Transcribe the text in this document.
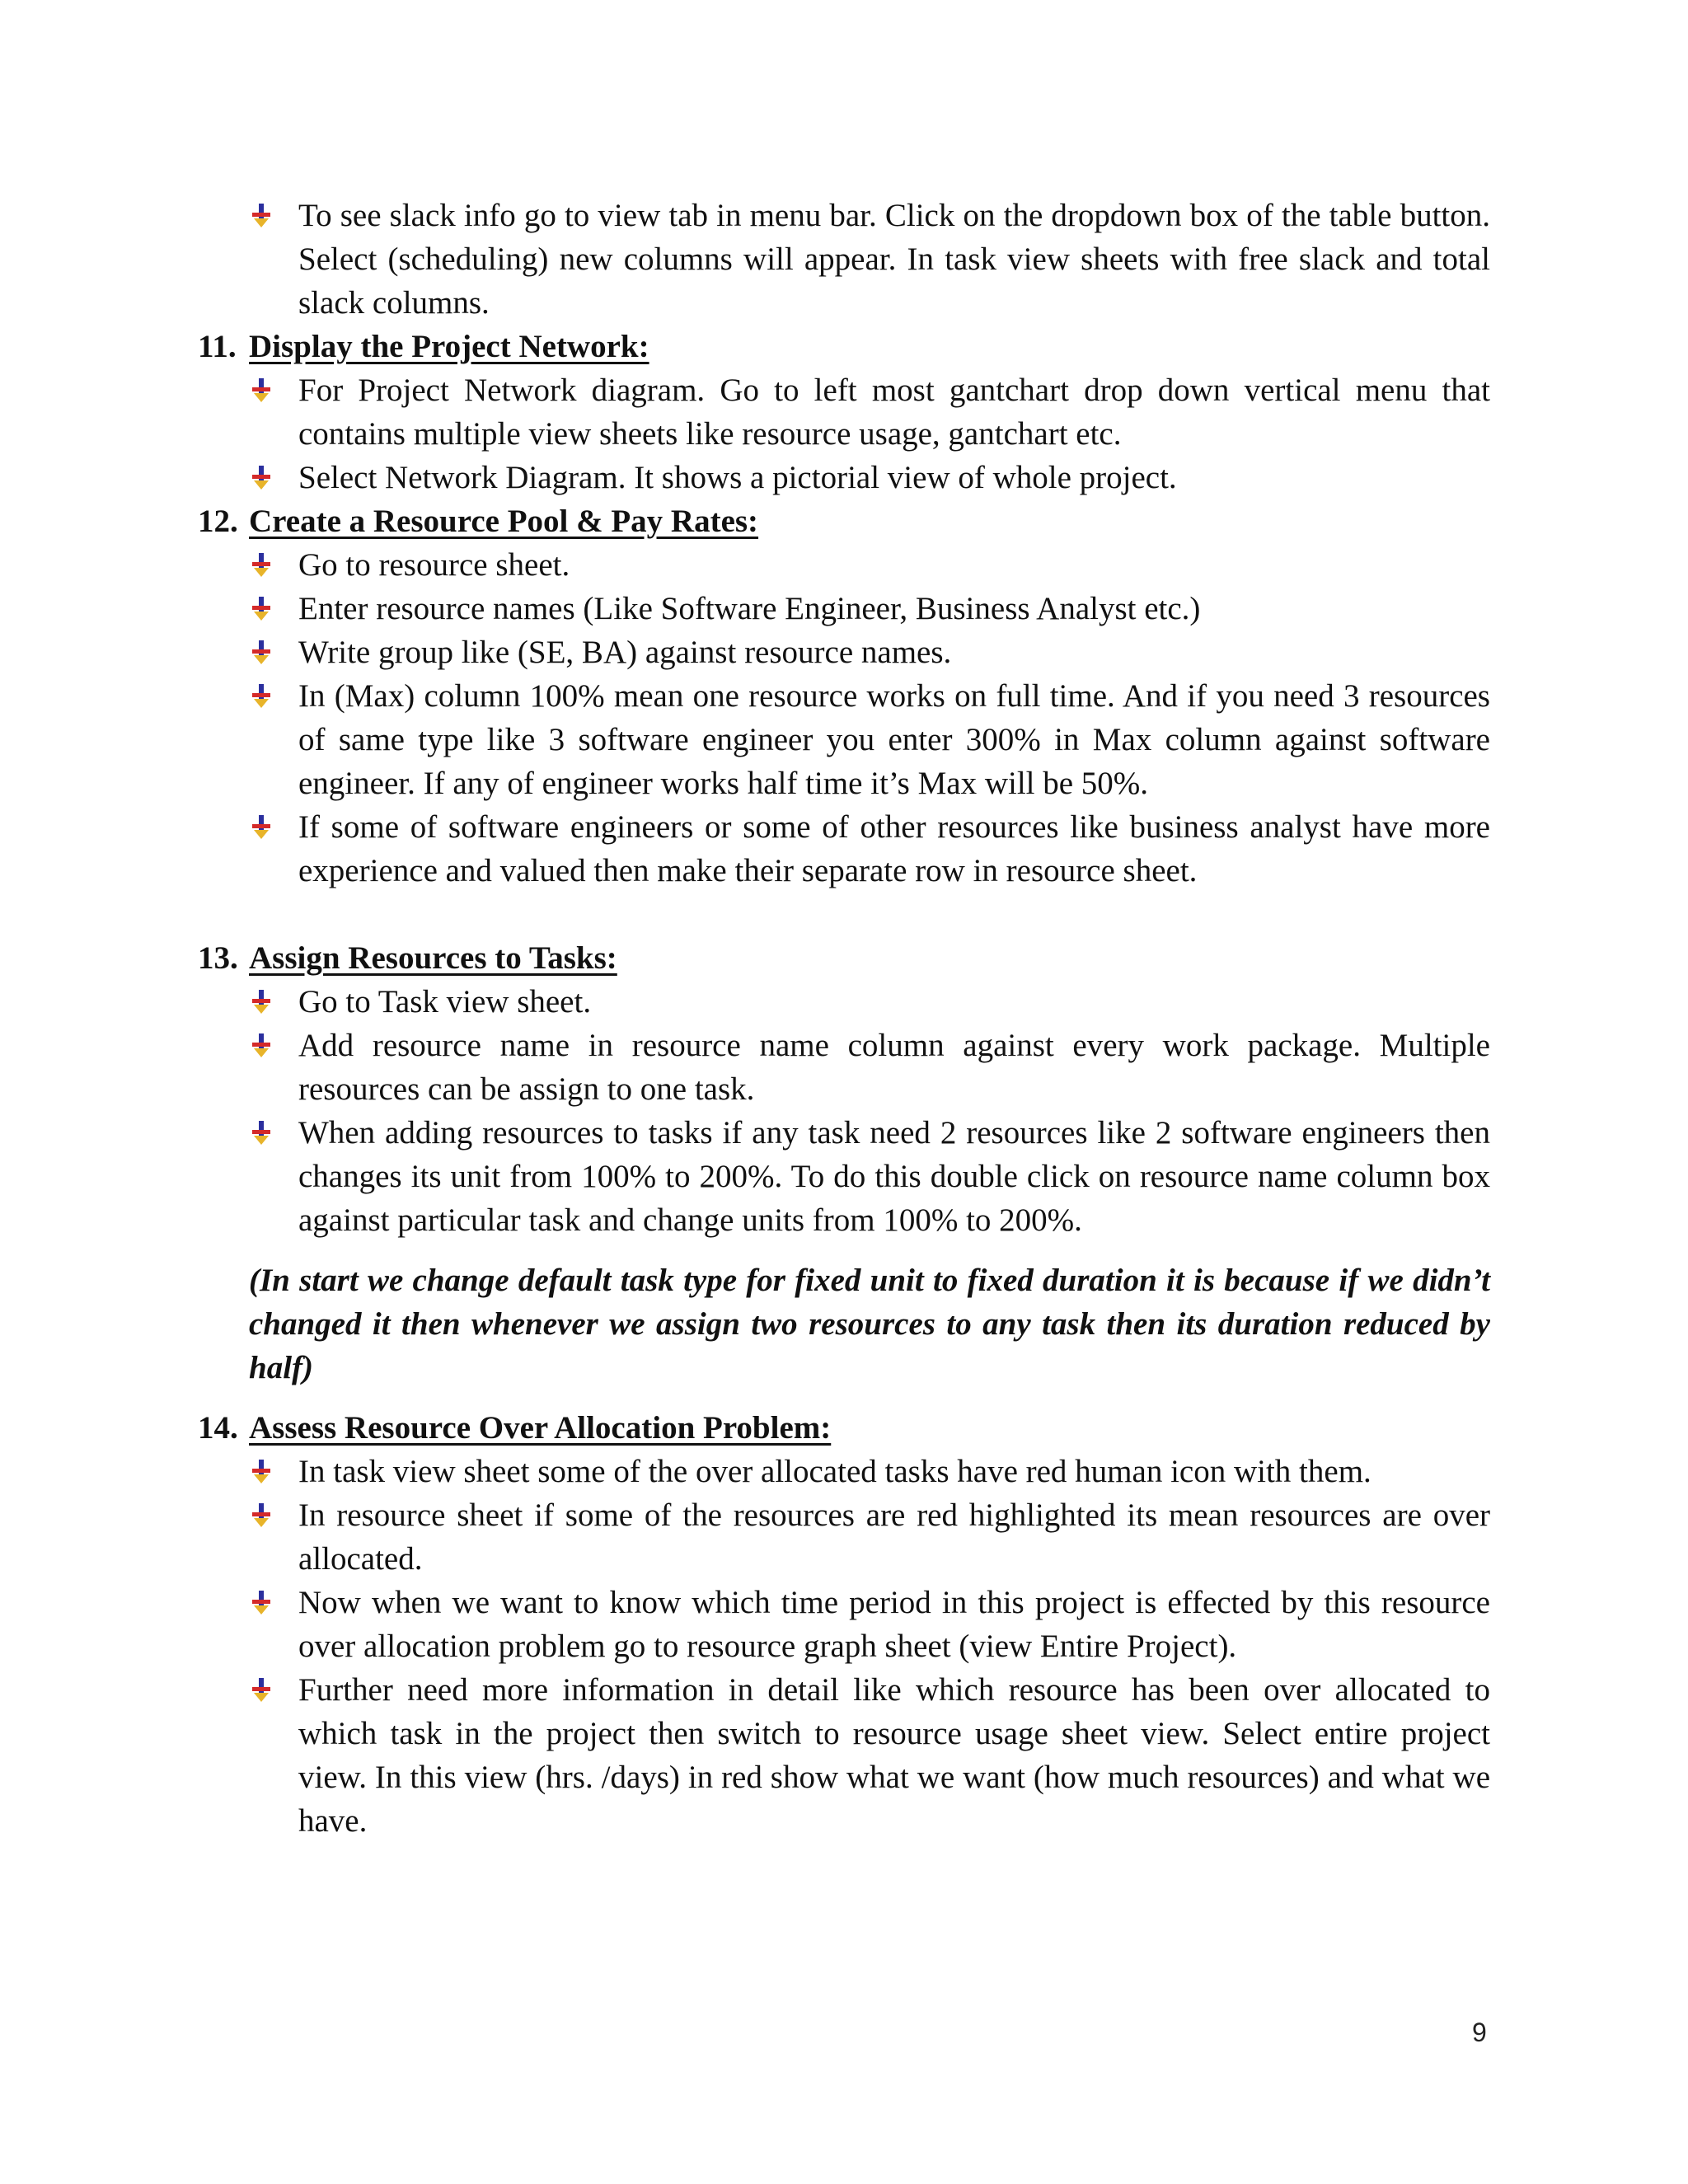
To see slack info go to view tab in menu bar. Click on the dropdown box of the table button. Select (scheduling) new columns will appear. In task view sheets with free slack and total slack columns.
11. Display the Project Network:
For Project Network diagram. Go to left most gantchart drop down vertical menu that contains multiple view sheets like resource usage, gantchart etc.
Select Network Diagram. It shows a pictorial view of whole project.
12. Create a Resource Pool & Pay Rates:
Go to resource sheet.
Enter resource names (Like Software Engineer, Business Analyst etc.)
Write group like (SE, BA) against resource names.
In (Max) column 100% mean one resource works on full time. And if you need 3 resources of same type like 3 software engineer you enter 300% in Max column against software engineer. If any of engineer works half time it’s Max will be 50%.
If some of software engineers or some of other resources like business analyst have more experience and valued then make their separate row in resource sheet.
13. Assign Resources to Tasks:
Go to Task view sheet.
Add resource name in resource name column against every work package. Multiple resources can be assign to one task.
When adding resources to tasks if any task need 2 resources like 2 software engineers then changes its unit from 100% to 200%. To do this double click on resource name column box against particular task and change units from 100% to 200%.
(In start we change default task type for fixed unit to fixed duration it is because if we didn’t changed it then whenever we assign two resources to any task then its duration reduced by half)
14. Assess Resource Over Allocation Problem:
In task view sheet some of the over allocated tasks have red human icon with them.
In resource sheet if some of the resources are red highlighted its mean resources are over allocated.
Now when we want to know which time period in this project is effected by this resource over allocation problem go to resource graph sheet (view Entire Project).
Further need more information in detail like which resource has been over allocated to which task in the project then switch to resource usage sheet view. Select entire project view. In this view (hrs. /days) in red show what we want (how much resources) and what we have.
9
